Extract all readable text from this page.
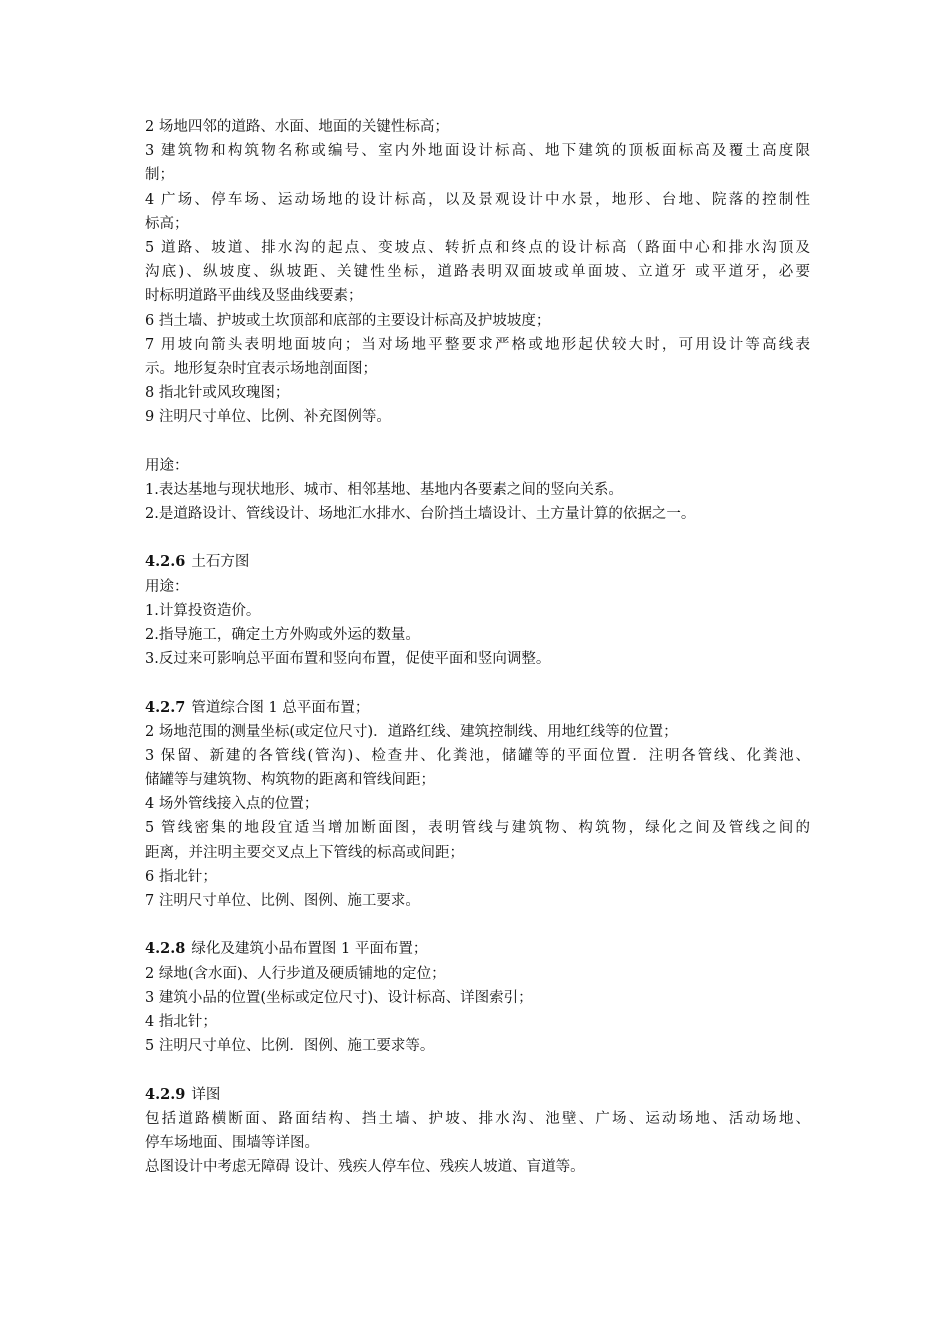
2 场地四邻的道路、水面、地面的关键性标高；
3 建筑物和构筑物名称或编号、室内外地面设计标高、地下建筑的顶板面标高及覆土高度限
制；
4 广场、停车场、运动场地的设计标高，以及景观设计中水景，地形、台地、院落的控制性
标高；
5 道路、坡道、排水沟的起点、变坡点、转折点和终点的设计标高（路面中心和排水沟顶及
沟底)、纵坡度、纵坡距、关键性坐标，道路表明双面坡或单面坡、立道牙 或平道牙，必要
时标明道路平曲线及竖曲线要素；
6 挡土墙、护坡或土坎顶部和底部的主要设计标高及护坡坡度；
7 用坡向箭头表明地面坡向；当对场地平整要求严格或地形起伏较大时，可用设计等高线表
示。地形复杂时宜表示场地剖面图；
8 指北针或风玫瑰图；
9 注明尺寸单位、比例、补充图例等。
用途：
1.表达基地与现状地形、城市、相邻基地、基地内各要素之间的竖向关系。
2.是道路设计、管线设计、场地汇水排水、台阶挡土墙设计、土方量计算的依据之一。
4.2.6 土石方图
用途：
1.计算投资造价。
2.指导施工，确定土方外购或外运的数量。
3.反过来可影响总平面布置和竖向布置，促使平面和竖向调整。
4.2.7 管道综合图 1 总平面布置；
2 场地范围的测量坐标(或定位尺寸)．道路红线、建筑控制线、用地红线等的位置；
3 保留、新建的各管线(管沟)、检查井、化粪池，储罐等的平面位置．注明各管线、化粪池、
储罐等与建筑物、构筑物的距离和管线间距；
4 场外管线接入点的位置；
5 管线密集的地段宜适当增加断面图，表明管线与建筑物、构筑物，绿化之间及管线之间的
距离，并注明主要交叉点上下管线的标高或间距；
6 指北针；
7 注明尺寸单位、比例、图例、施工要求。
4.2.8 绿化及建筑小品布置图 1 平面布置；
2 绿地(含水面)、人行步道及硬质铺地的定位；
3 建筑小品的位置(坐标或定位尺寸)、设计标高、详图索引；
4 指北针；
5 注明尺寸单位、比例．图例、施工要求等。
4.2.9 详图
包括道路横断面、路面结构、挡土墙、护坡、排水沟、池壁、广场、运动场地、活动场地、
停车场地面、围墙等详图。
总图设计中考虑无障碍 设计、残疾人停车位、残疾人坡道、盲道等。
